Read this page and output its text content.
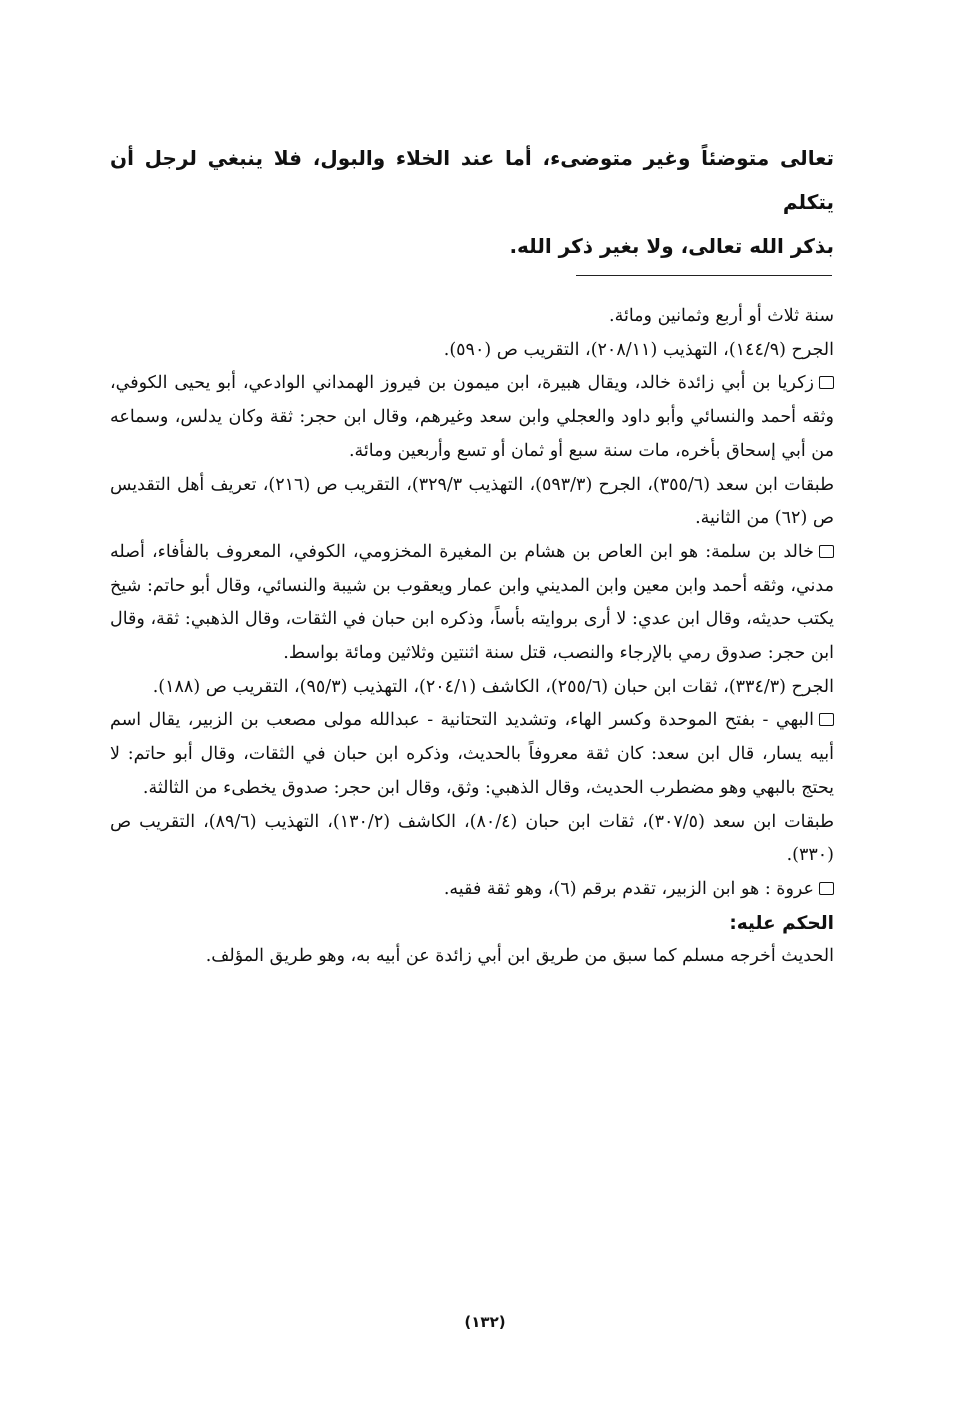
تعالى متوضئاً وغير متوضىء، أما عند الخلاء والبول، فلا ينبغي لرجل أن يتكلم

بذكر الله تعالى، ولا بغير ذكر الله.

سنة ثلاث أو أربع وثمانين ومائة.

الجرح (١٤٤/٩)، التهذيب (٢٠٨/١١)، التقريب ص (٥٩٠).

زكريا بن أبي زائدة خالد، ويقال هبيرة، ابن ميمون بن فيروز الهمداني الوادعي، أبو يحيى الكوفي، وثقه أحمد والنسائي وأبو داود والعجلي وابن سعد وغيرهم، وقال ابن حجر: ثقة وكان يدلس، وسماعه من أبي إسحاق بأخره، مات سنة سبع أو ثمان أو تسع وأربعين ومائة.

طبقات ابن سعد (٣٥٥/٦)، الجرح (٥٩٣/٣)، التهذيب ٣٢٩/٣)، التقريب ص (٢١٦)، تعريف أهل التقديس ص (٦٢) من الثانية.

خالد بن سلمة: هو ابن العاص بن هشام بن المغيرة المخزومي، الكوفي، المعروف بالفأفاء، أصله مدني، وثقه أحمد وابن معين وابن المديني وابن عمار ويعقوب بن شيبة والنسائي، وقال أبو حاتم: شيخ يكتب حديثه، وقال ابن عدي: لا أرى بروايته بأساً، وذكره ابن حبان في الثقات، وقال الذهبي: ثقة، وقال ابن حجر: صدوق رمي بالإرجاء والنصب، قتل سنة اثنتين وثلاثين ومائة بواسط.

الجرح (٣٣٤/٣)، ثقات ابن حبان (٢٥٥/٦)، الكاشف (٢٠٤/١)، التهذيب (٩٥/٣)، التقريب ص (١٨٨).

البهي - بفتح الموحدة وكسر الهاء، وتشديد التحتانية - عبدالله مولى مصعب بن الزبير، يقال اسم أبيه يسار، قال ابن سعد: كان ثقة معروفاً بالحديث، وذكره ابن حبان في الثقات، وقال أبو حاتم: لا يحتج بالبهي وهو مضطرب الحديث، وقال الذهبي: وثق، وقال ابن حجر: صدوق يخطىء من الثالثة.

طبقات ابن سعد (٣٠٧/٥)، ثقات ابن حبان (٨٠/٤)، الكاشف (١٣٠/٢)، التهذيب (٨٩/٦)، التقريب ص (٣٣٠).

عروة : هو ابن الزبير، تقدم برقم (٦)، وهو ثقة فقيه.

الحكم عليه:

الحديث أخرجه مسلم كما سبق من طريق ابن أبي زائدة عن أبيه به، وهو طريق المؤلف.

(١٣٢)
